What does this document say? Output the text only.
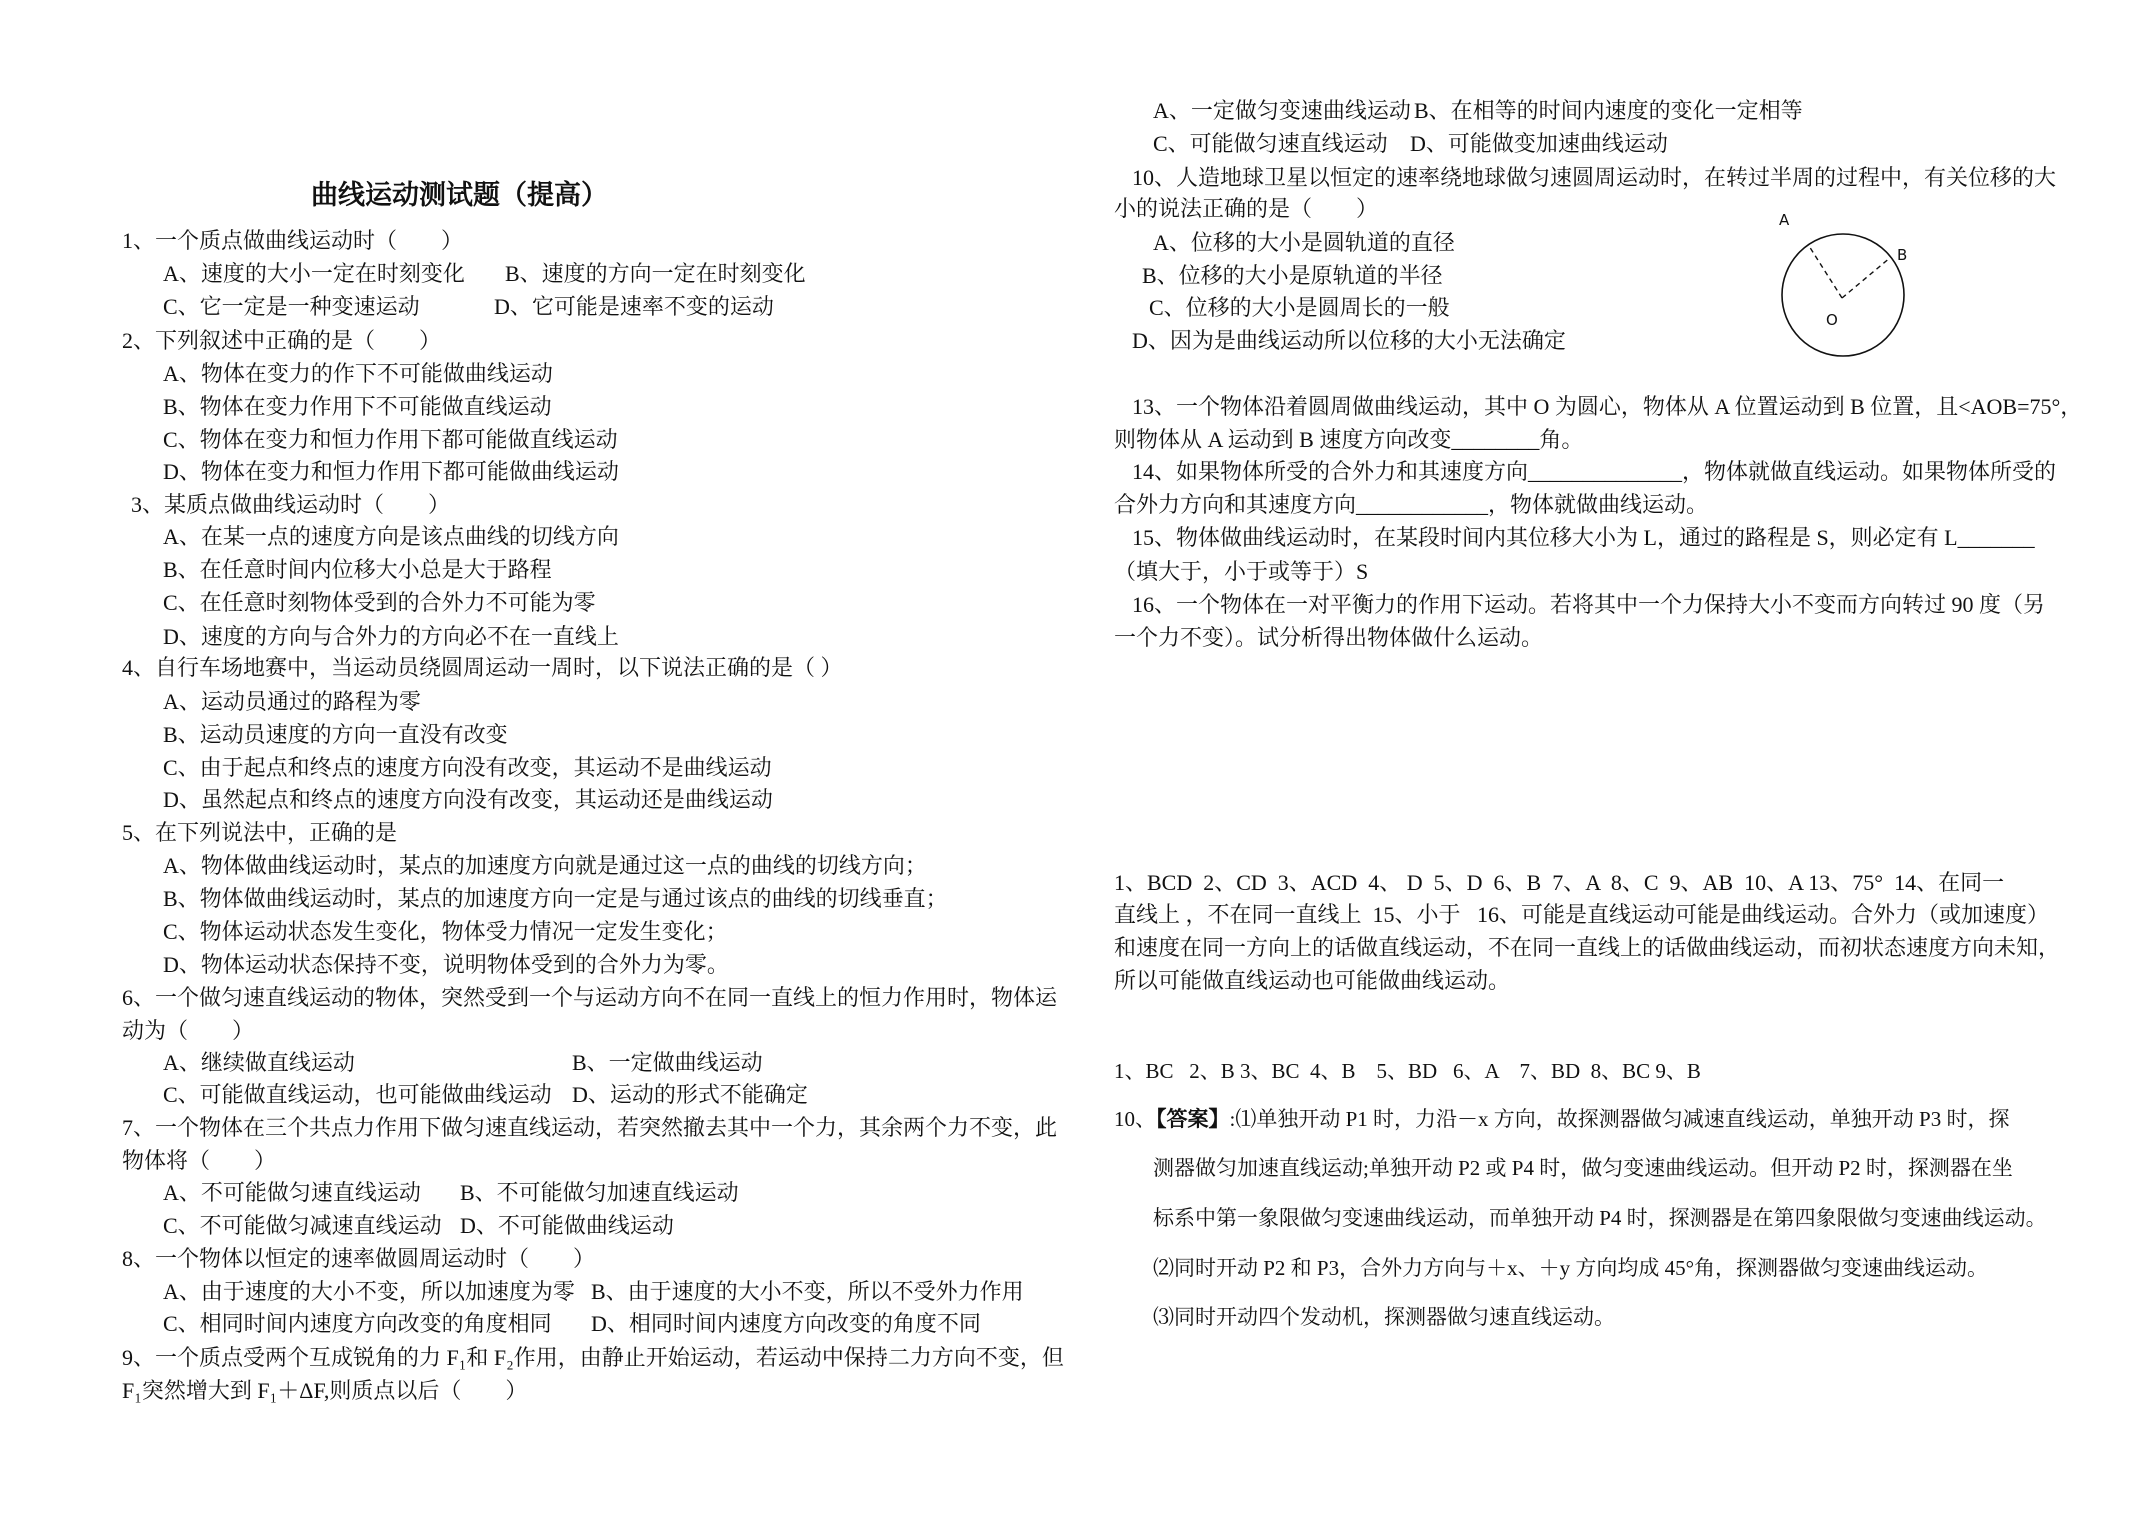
曲线运动测试题（提高）
1、一个质点做曲线运动时（　　）
A、速度的大小一定在时刻变化 B、速度的方向一定在时刻变化
C、它一定是一种变速运动	D、它可能是速率不变的运动
2、下列叙述中正确的是（　　）
A、物体在变力的作下不可能做曲线运动
B、物体在变力作用下不可能做直线运动
C、物体在变力和恒力作用下都可能做直线运动
D、物体在变力和恒力作用下都可能做曲线运动
3、某质点做曲线运动时（　　）
A、在某一点的速度方向是该点曲线的切线方向
B、在任意时间内位移大小总是大于路程
C、在任意时刻物体受到的合外力不可能为零
D、速度的方向与合外力的方向必不在一直线上
4、自行车场地赛中，当运动员绕圆周运动一周时，以下说法正确的是（ ）
A、运动员通过的路程为零
B、运动员速度的方向一直没有改变
C、由于起点和终点的速度方向没有改变，其运动不是曲线运动
D、虽然起点和终点的速度方向没有改变，其运动还是曲线运动
5、在下列说法中，正确的是
A、物体做曲线运动时，某点的加速度方向就是通过这一点的曲线的切线方向；
B、物体做曲线运动时，某点的加速度方向一定是与通过该点的曲线的切线垂直；
C、物体运动状态发生变化，物体受力情况一定发生变化；
D、物体运动状态保持不变，说明物体受到的合外力为零。
6、一个做匀速直线运动的物体，突然受到一个与运动方向不在同一直线上的恒力作用时，物体运
动为（　　）
A、继续做直线运动	B、一定做曲线运动
C、可能做直线运动，也可能做曲线运动 D、运动的形式不能确定
7、一个物体在三个共点力作用下做匀速直线运动，若突然撤去其中一个力，其余两个力不变，此
物体将（　　）
A、不可能做匀速直线运动 B、不可能做匀加速直线运动
C、不可能做匀减速直线运动 D、不可能做曲线运动
8、一个物体以恒定的速率做圆周运动时（　　）
A、由于速度的大小不变，所以加速度为零 B、由于速度的大小不变，所以不受外力作用
C、相同时间内速度方向改变的角度相同 D、相同时间内速度方向改变的角度不同
9、一个质点受两个互成锐角的力 F₁和 F₂作用，由静止开始运动，若运动中保持二力方向不变，但
F₁突然增大到 F₁＋ΔF,则质点以后（　　）
A、一定做匀变速曲线运动 B、在相等的时间内速度的变化一定相等
C、可能做匀速直线运动 D、可能做变加速曲线运动
10、人造地球卫星以恒定的速率绕地球做匀速圆周运动时，在转过半周的过程中，有关位移的大
小的说法正确的是（　　）
A、位移的大小是圆轨道的直径
B、位移的大小是原轨道的半径
C、位移的大小是圆周长的一般
D、因为是曲线运动所以位移的大小无法确定
A
B
O
13、一个物体沿着圆周做曲线运动，其中 O 为圆心，物体从 A 位置运动到 B 位置，且<AOB=75°，
则物体从 A 运动到 B 速度方向改变________角。
14、如果物体所受的合外力和其速度方向______________，物体就做直线运动。如果物体所受的
合外力方向和其速度方向____________，物体就做曲线运动。
15、物体做曲线运动时，在某段时间内其位移大小为 L，通过的路程是 S，则必定有 L_______
（填大于，小于或等于）S
16、一个物体在一对平衡力的作用下运动。若将其中一个力保持大小不变而方向转过 90 度（另
一个力不变）。试分析得出物体做什么运动。
1、BCD  2、CD  3、ACD  4、 D  5、D  6、B  7、A  8、C  9、AB  10、A 13、75°  14、在同一
直线上 ，不在同一直线上  15、小于   16、可能是直线运动可能是曲线运动。合外力（或加速度）
和速度在同一方向上的话做直线运动，不在同一直线上的话做曲线运动，而初状态速度方向未知，
所以可能做直线运动也可能做曲线运动。
1、BC   2、B 3、BC  4、B    5、BD   6、A    7、BD  8、BC 9、B
10、【答案】:⑴单独开动 P1 时，力沿－x 方向，故探测器做匀减速直线运动，单独开动 P3 时，探
测器做匀加速直线运动;单独开动 P2 或 P4 时，做匀变速曲线运动。但开动 P2 时，探测器在坐
标系中第一象限做匀变速曲线运动，而单独开动 P4 时，探测器是在第四象限做匀变速曲线运动。
⑵同时开动 P2 和 P3，合外力方向与＋x、＋y 方向均成 45°角，探测器做匀变速曲线运动。
⑶同时开动四个发动机，探测器做匀速直线运动。
